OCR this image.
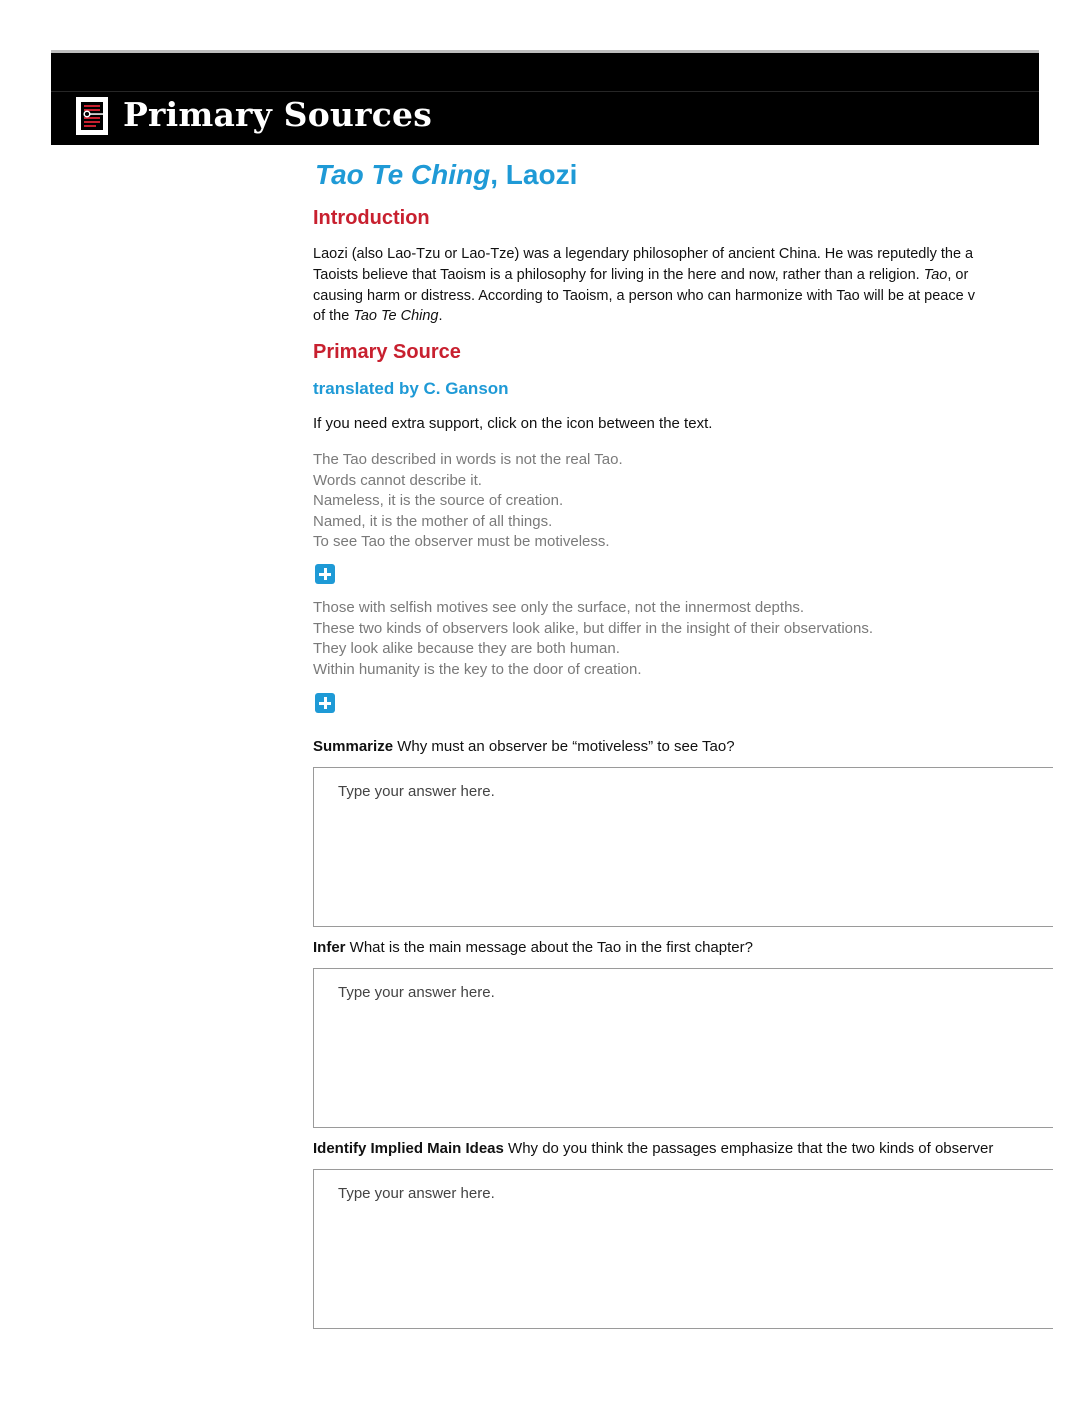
Primary Sources
Tao Te Ching, Laozi
Introduction

Laozi (also Lao-Tzu or Lao-Tze) was a legendary philosopher of ancient China. He was reputedly the a

Taoists believe that Taoism is a philosophy for living in the here and now, rather than a religion. Tao, or

causing harm or distress. According to Taoism, a person who can harmonize with Tao will be at peace v

of the Tao Te Ching.

Primary Source
translated by C. Ganson
If you need extra support, click on the icon between the text.
The Tao described in words is not the real Tao.
Words cannot describe it.
Nameless, it is the source of creation.
Named, it is the mother of all things.
To see Tao the observer must be motiveless.
Those with selfish motives see only the surface, not the innermost depths.
These two kinds of observers look alike, but differ in the insight of their observations.
They look alike because they are both human.
Within humanity is the key to the door of creation.
Summarize Why must an observer be “motiveless” to see Tao?
Type your answer here.
Infer What is the main message about the Tao in the first chapter?
Type your answer here.
Identify Implied Main Ideas Why do you think the passages emphasize that the two kinds of observer
Type your answer here.
